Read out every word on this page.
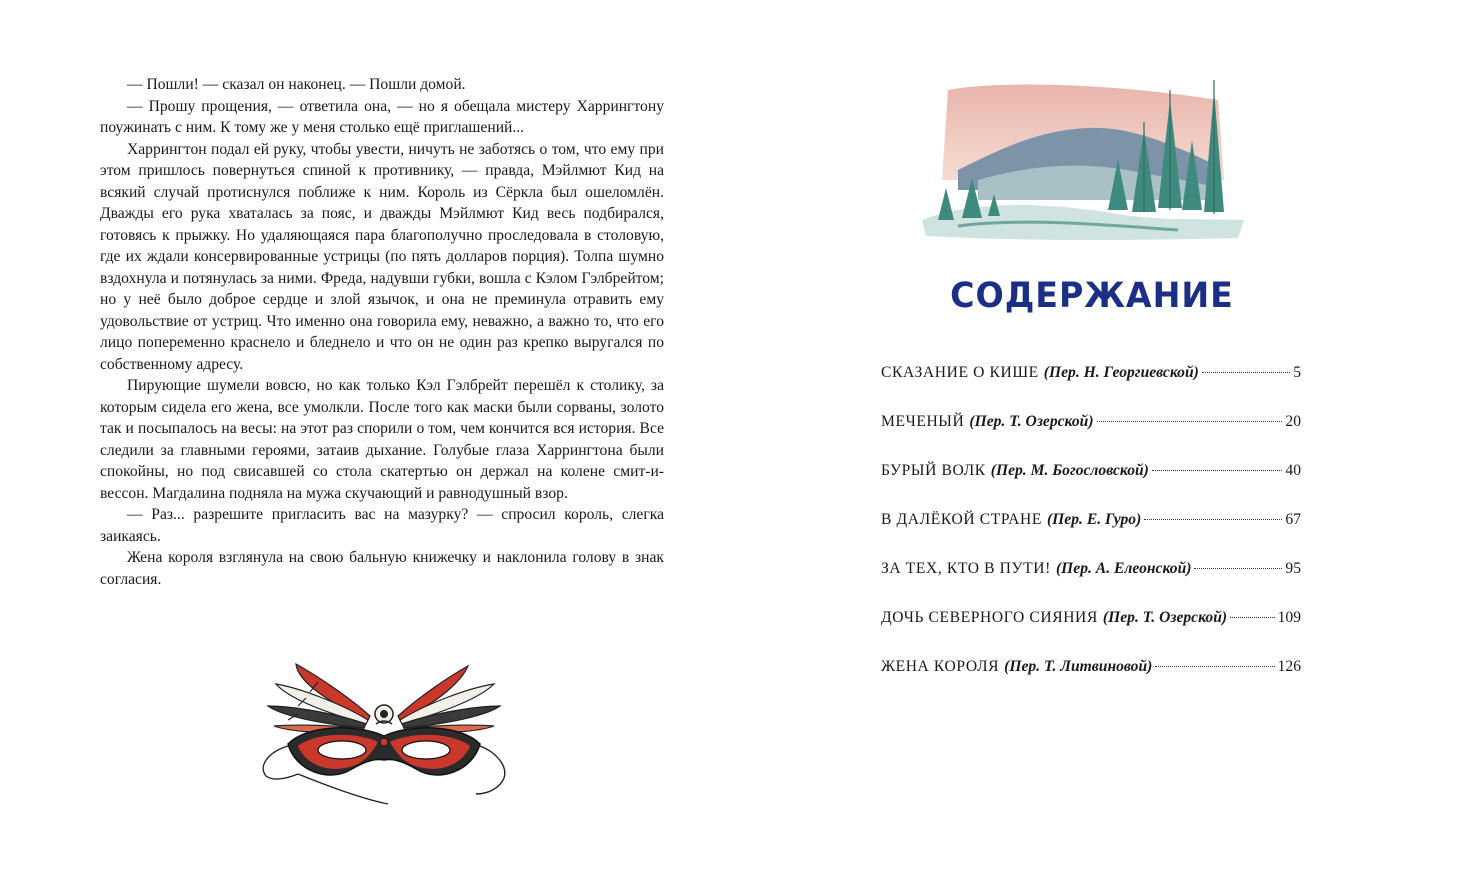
— Пошли! — сказал он наконец. — Пошли домой.

— Прошу прощения, — ответила она, — но я обещала мистеру Харрингтону поужинать с ним. К тому же у меня столько ещё приглашений...

Харрингтон подал ей руку, чтобы увести, ничуть не заботясь о том, что ему при этом пришлось повернуться спиной к противнику, — правда, Мэйлмют Кид на всякий случай протиснулся поближе к ним. Король из Сёркла был ошеломлён. Дважды его рука хваталась за пояс, и дважды Мэйлмют Кид весь подбирался, готовясь к прыжку. Но удаляющаяся пара благополучно проследовала в столовую, где их ждали консервированные устрицы (по пять долларов порция). Толпа шумно вздохнула и потянулась за ними. Фреда, надувши губки, вошла с Кэлом Гэлбрейтом; но у неё было доброе сердце и злой язычок, и она не преминула отравить ему удовольствие от устриц. Что именно она говорила ему, неважно, а важно то, что его лицо попеременно краснело и бледнело и что он не один раз крепко выругался по собственному адресу.

Пирующие шумели вовсю, но как только Кэл Гэлбрейт перешёл к столику, за которым сидела его жена, все умолкли. После того как маски были сорваны, золото так и посыпалось на весы: на этот раз спорили о том, чем кончится вся история. Все следили за главными героями, затаив дыхание. Голубые глаза Харрингтона были спокойны, но под свисавшей со стола скатертью он держал на колене смит-и-вессон. Магдалина подняла на мужа скучающий и равнодушный взор.

— Раз... разрешите пригласить вас на мазурку? — спросил король, слегка заикаясь.

Жена короля взглянула на свою бальную книжечку и наклонила голову в знак согласия.

СОДЕРЖАНИЕ
СКАЗАНИЕ О КИШЕ (Пер. Н. Георгиевской)	5
МЕЧЕНЫЙ (Пер. Т. Озерской)	20
БУРЫЙ ВОЛК (Пер. М. Богословской)	40
В ДАЛЁКОЙ СТРАНЕ (Пер. Е. Гуро)	67
ЗА ТЕХ, КТО В ПУТИ! (Пер. А. Елеонской)	95
ДОЧЬ СЕВЕРНОГО СИЯНИЯ (Пер. Т. Озерской)	109
ЖЕНА КОРОЛЯ (Пер. Т. Литвиновой)	126
